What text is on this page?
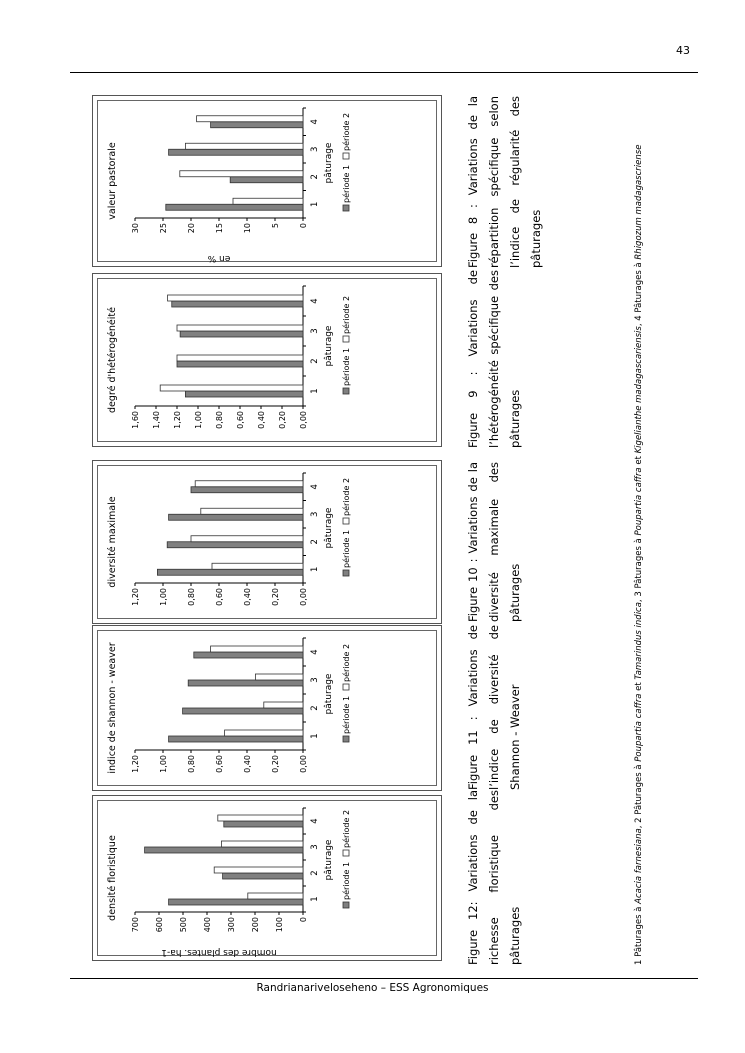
43
densité floristique	0
100
200
300
400
500
600
700
nombre des plantes. ha-1
1
2
3
4
pâturage
période 1
période 2
indice de shannon - weaver	0,00
0,20
0,40
0,60
0,80
1,00
1,20
1
2
3
4
pâturage
période 1
période 2
diversité maximale
0,00
0,20
0,40
0,60
0,80
1,00
1,20
1
2
3
4
pâturage
période 1
période 2
degré d'hétérogénéité
0,00
0,20
0,40
0,60
0,80
1,00
1,20
1,40
1,60
1
2
3
4
pâturage
période 1
période 2
valeur pastorale
0
5
10
15
20
25
30
en %
1
2
3
4
pâturage
période 1
période 2
Figure 12: Variations de la richesse floristique des pâturages
Figure 11 : Variations de l’indice de diversité de Shannon - Weaver
Figure 10 : Variations de la diversité maximale des pâturages
Figure 9 : Variations de l’hétérogénéité spécifique des pâturages
Figure 8 : Variations de la répartition spécifique selon l’indice de régularité des pâturages
1 Pâturages à Acacia farnesiana, 2 Pâturages à Poupartiа caffra et Tamarindus indica, 3 Pâturages à Poupartia caffra et Kigelianthe madagascariensis, 4 Pâturages à Rhigozum madagascriense
Randrianariveloseheno – ESS Agronomiques
